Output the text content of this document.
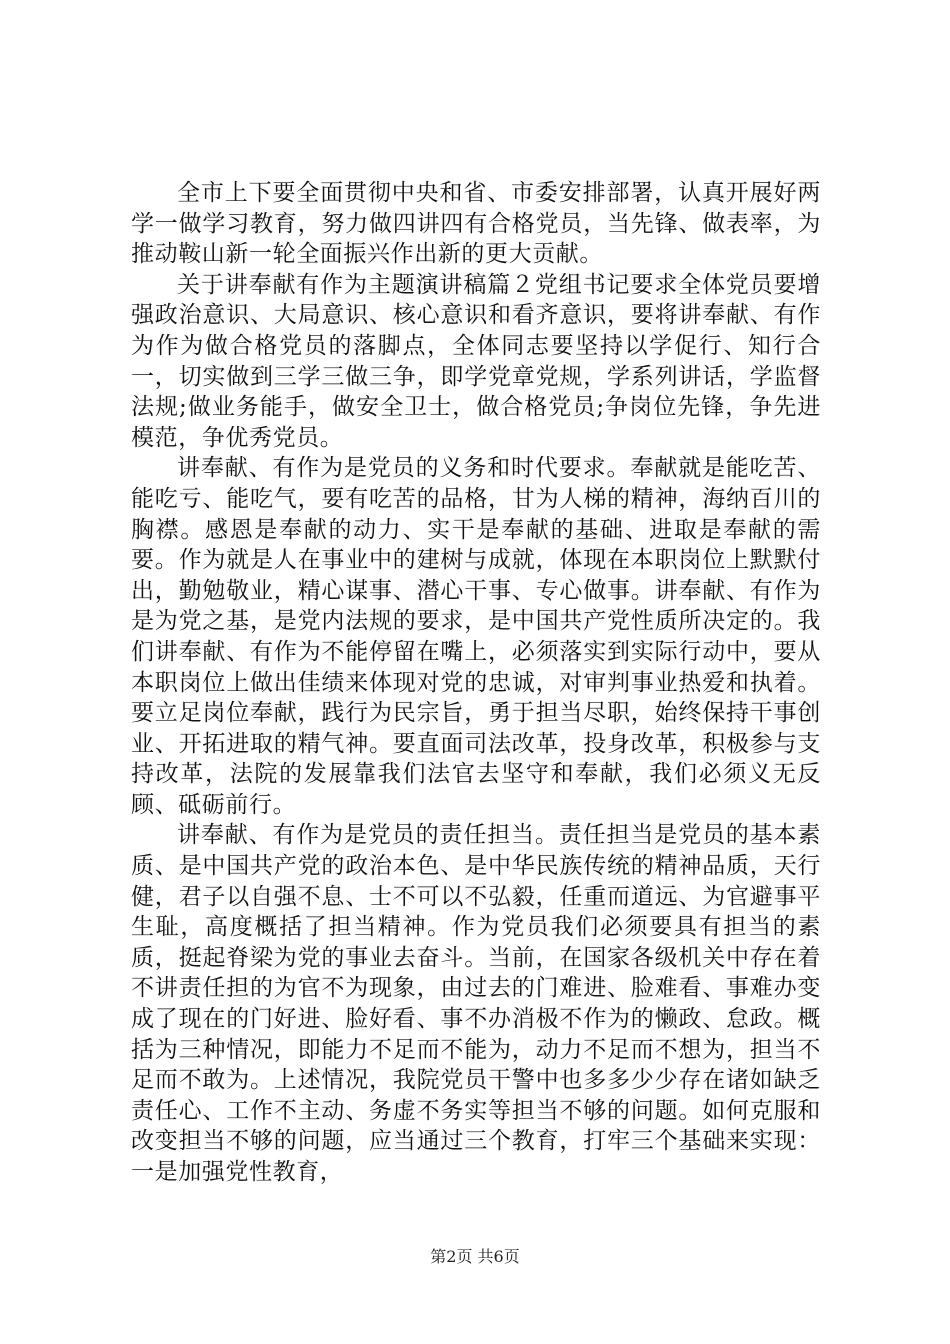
全市上下要全面贯彻中央和省、市委安排部署，认真开展好两学一做学习教育，努力做四讲四有合格党员，当先锋、做表率，为推动鞍山新一轮全面振兴作出新的更大贡献。

关于讲奉献有作为主题演讲稿篇２党组书记要求全体党员要增强政治意识、大局意识、核心意识和看齐意识，要将讲奉献、有作为作为做合格党员的落脚点，全体同志要坚持以学促行、知行合一，切实做到三学三做三争，即学党章党规，学系列讲话，学监督法规;做业务能手，做安全卫士，做合格党员;争岗位先锋，争先进模范，争优秀党员。

讲奉献、有作为是党员的义务和时代要求。奉献就是能吃苦、能吃亏、能吃气，要有吃苦的品格，甘为人梯的精神，海纳百川的胸襟。感恩是奉献的动力、实干是奉献的基础、进取是奉献的需要。作为就是人在事业中的建树与成就，体现在本职岗位上默默付出，勤勉敬业，精心谋事、潜心干事、专心做事。讲奉献、有作为是为党之基，是党内法规的要求，是中国共产党性质所决定的。我们讲奉献、有作为不能停留在嘴上，必须落实到实际行动中，要从本职岗位上做出佳绩来体现对党的忠诚，对审判事业热爱和执着。要立足岗位奉献，践行为民宗旨，勇于担当尽职，始终保持干事创业、开拓进取的精气神。要直面司法改革，投身改革，积极参与支持改革，法院的发展靠我们法官去坚守和奉献，我们必须义无反顾、砥砺前行。

讲奉献、有作为是党员的责任担当。责任担当是党员的基本素质、是中国共产党的政治本色、是中华民族传统的精神品质，天行健，君子以自强不息、士不可以不弘毅，任重而道远、为官避事平生耻，高度概括了担当精神。作为党员我们必须要具有担当的素质，挺起脊梁为党的事业去奋斗。当前，在国家各级机关中存在着不讲责任担的为官不为现象，由过去的门难进、脸难看、事难办变成了现在的门好进、脸好看、事不办消极不作为的懒政、怠政。概括为三种情况，即能力不足而不能为，动力不足而不想为，担当不足而不敢为。上述情况，我院党员干警中也多多少少存在诸如缺乏责任心、工作不主动、务虚不务实等担当不够的问题。如何克服和改变担当不够的问题，应当通过三个教育，打牢三个基础来实现：一是加强党性教育，

第2页 共6页
